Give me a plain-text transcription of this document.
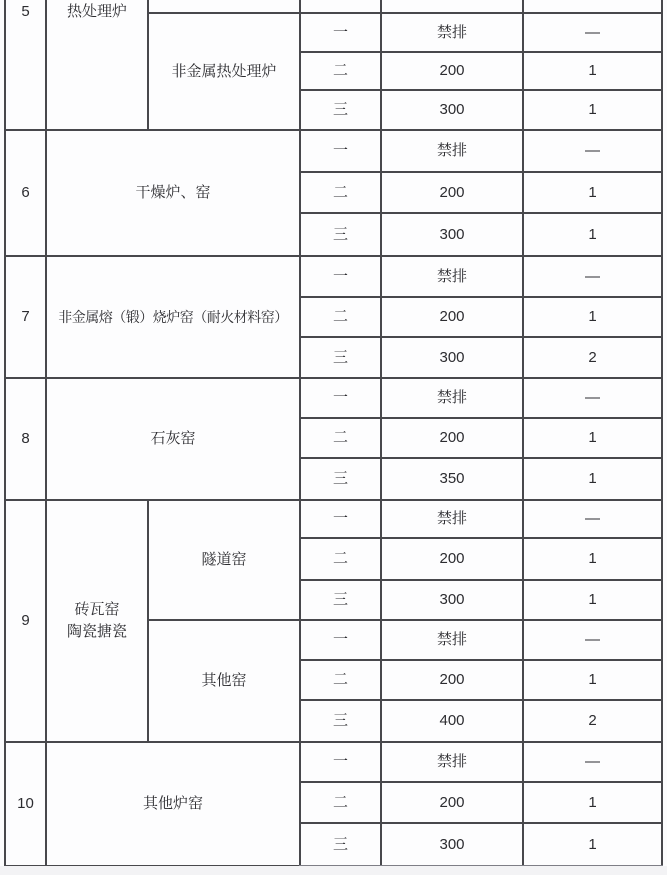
5	热处理炉				
		非金属热处理炉	一	禁排	—
			二	200	1
			三	300	1
6	干燥炉、窑		一	禁排	—
			二	200	1
			三	300	1
7	非金属熔（锻）烧炉窑（耐火材料窑）		一	禁排	—
			二	200	1
			三	300	2
8	石灰窑		一	禁排	—
			二	200	1
			三	350	1
9	砖瓦窑
陶瓷搪瓷	隧道窑	一	禁排	—
			二	200	1
			三	300	1
		其他窑	一	禁排	—
			二	200	1
			三	400	2
10	其他炉窑		一	禁排	—
			二	200	1
			三	300	1
